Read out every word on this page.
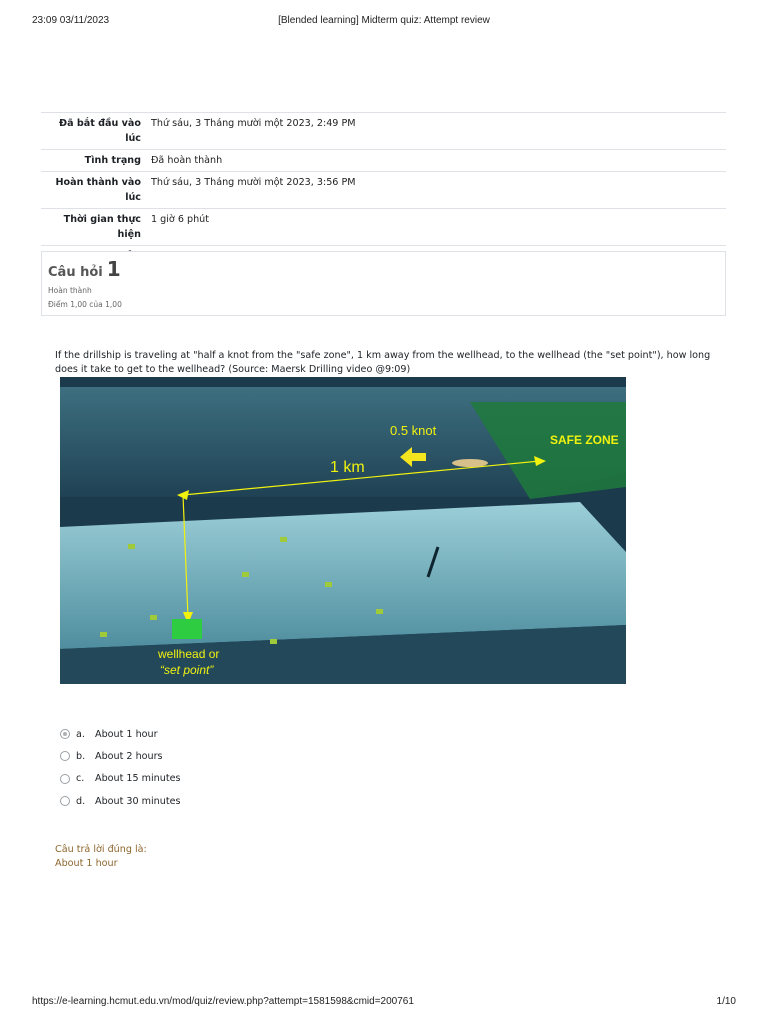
23:09 03/11/2023	[Blended learning] Midterm quiz: Attempt review
Đã bắt đầu vào lúc
Thứ sáu, 3 Tháng mười một 2023, 2:49 PM
Tình trạng	Đã hoàn thành
Hoàn thành vào lúc
Thứ sáu, 3 Tháng mười một 2023, 3:56 PM
Thời gian thực hiện
1 giờ 6 phút
Câu hỏi 1
Hoàn thành
Điểm 1,00 của 1,00
If the drillship is traveling at "half a knot from the "safe zone", 1 km away from the wellhead, to the wellhead (the "set point"), how long does it take to get to the wellhead? (Source: Maersk Drilling video @9:09)
0.5 knot
SAFE ZONE
1 km
wellhead or
“set point”
a.	About 1 hour
b.	About 2 hours
c.	About 15 minutes
d.	About 30 minutes
Câu trả lời đúng là:
About 1 hour
https://e-learning.hcmut.edu.vn/mod/quiz/review.php?attempt=1581598&cmid=200761	1/10
